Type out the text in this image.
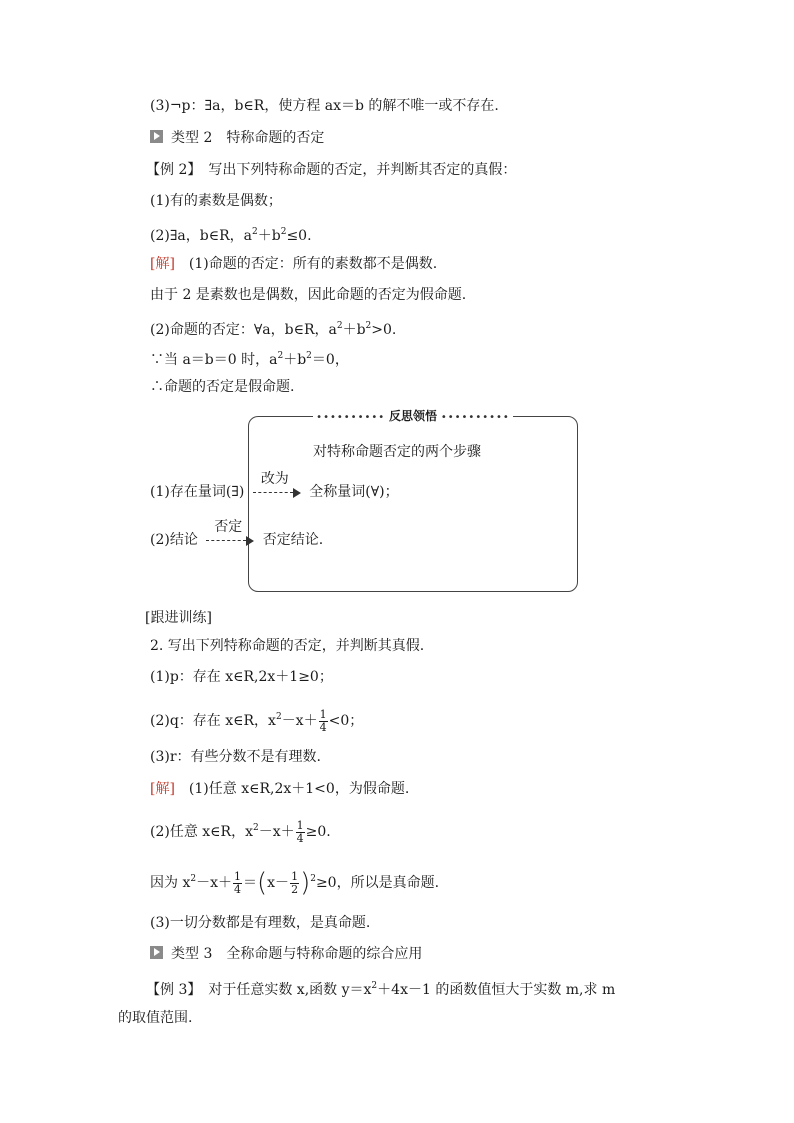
(3)¬p：∃a，b∈R，使方程 ax＝b 的解不唯一或不存在.
类型 2　特称命题的否定
【例 2】　写出下列特称命题的否定，并判断其否定的真假：
(1)有的素数是偶数；
(2)∃a，b∈R，$a^2+b^2\le 0$.
[解]　(1)命题的否定：所有的素数都不是偶数.
由于 2 是素数也是偶数，因此命题的否定为假命题.
(2)命题的否定：∀a，b∈R，$a^2+b^2>0$.
∵当 a＝b＝0 时，$a^2+b^2=0$，
∴命题的否定是假命题.
•••••••••• 反思领悟 ••••••••••
对特称命题否定的两个步骤
(1)存在量词(∃)
改为
全称量词(∀)；
(2)结论
否定
否定结论.
[跟进训练]
2. 写出下列特称命题的否定，并判断其真假.
(1)p：存在 x∈R,2x＋1≥0；
(2)q：存在 x∈R，$x^2-x+ \frac{1}{4} <0$；
(3)r：有些分数不是有理数.
[解]　(1)任意 x∈R,2x＋1<0，为假命题.
(2)任意 x∈R，$x^2-x+ \frac{1}{4} \ge 0$.
因为 $x^2-x+ \frac{1}{4} =(x- \frac{1}{2} )^2\ge 0$，所以是真命题.
(3)一切分数都是有理数，是真命题.
类型 3　全称命题与特称命题的综合应用
【例 3】　对于任意实数 x,函数 $y=x^2+4x-1$ 的函数值恒大于实数 m,求 m
的取值范围.
